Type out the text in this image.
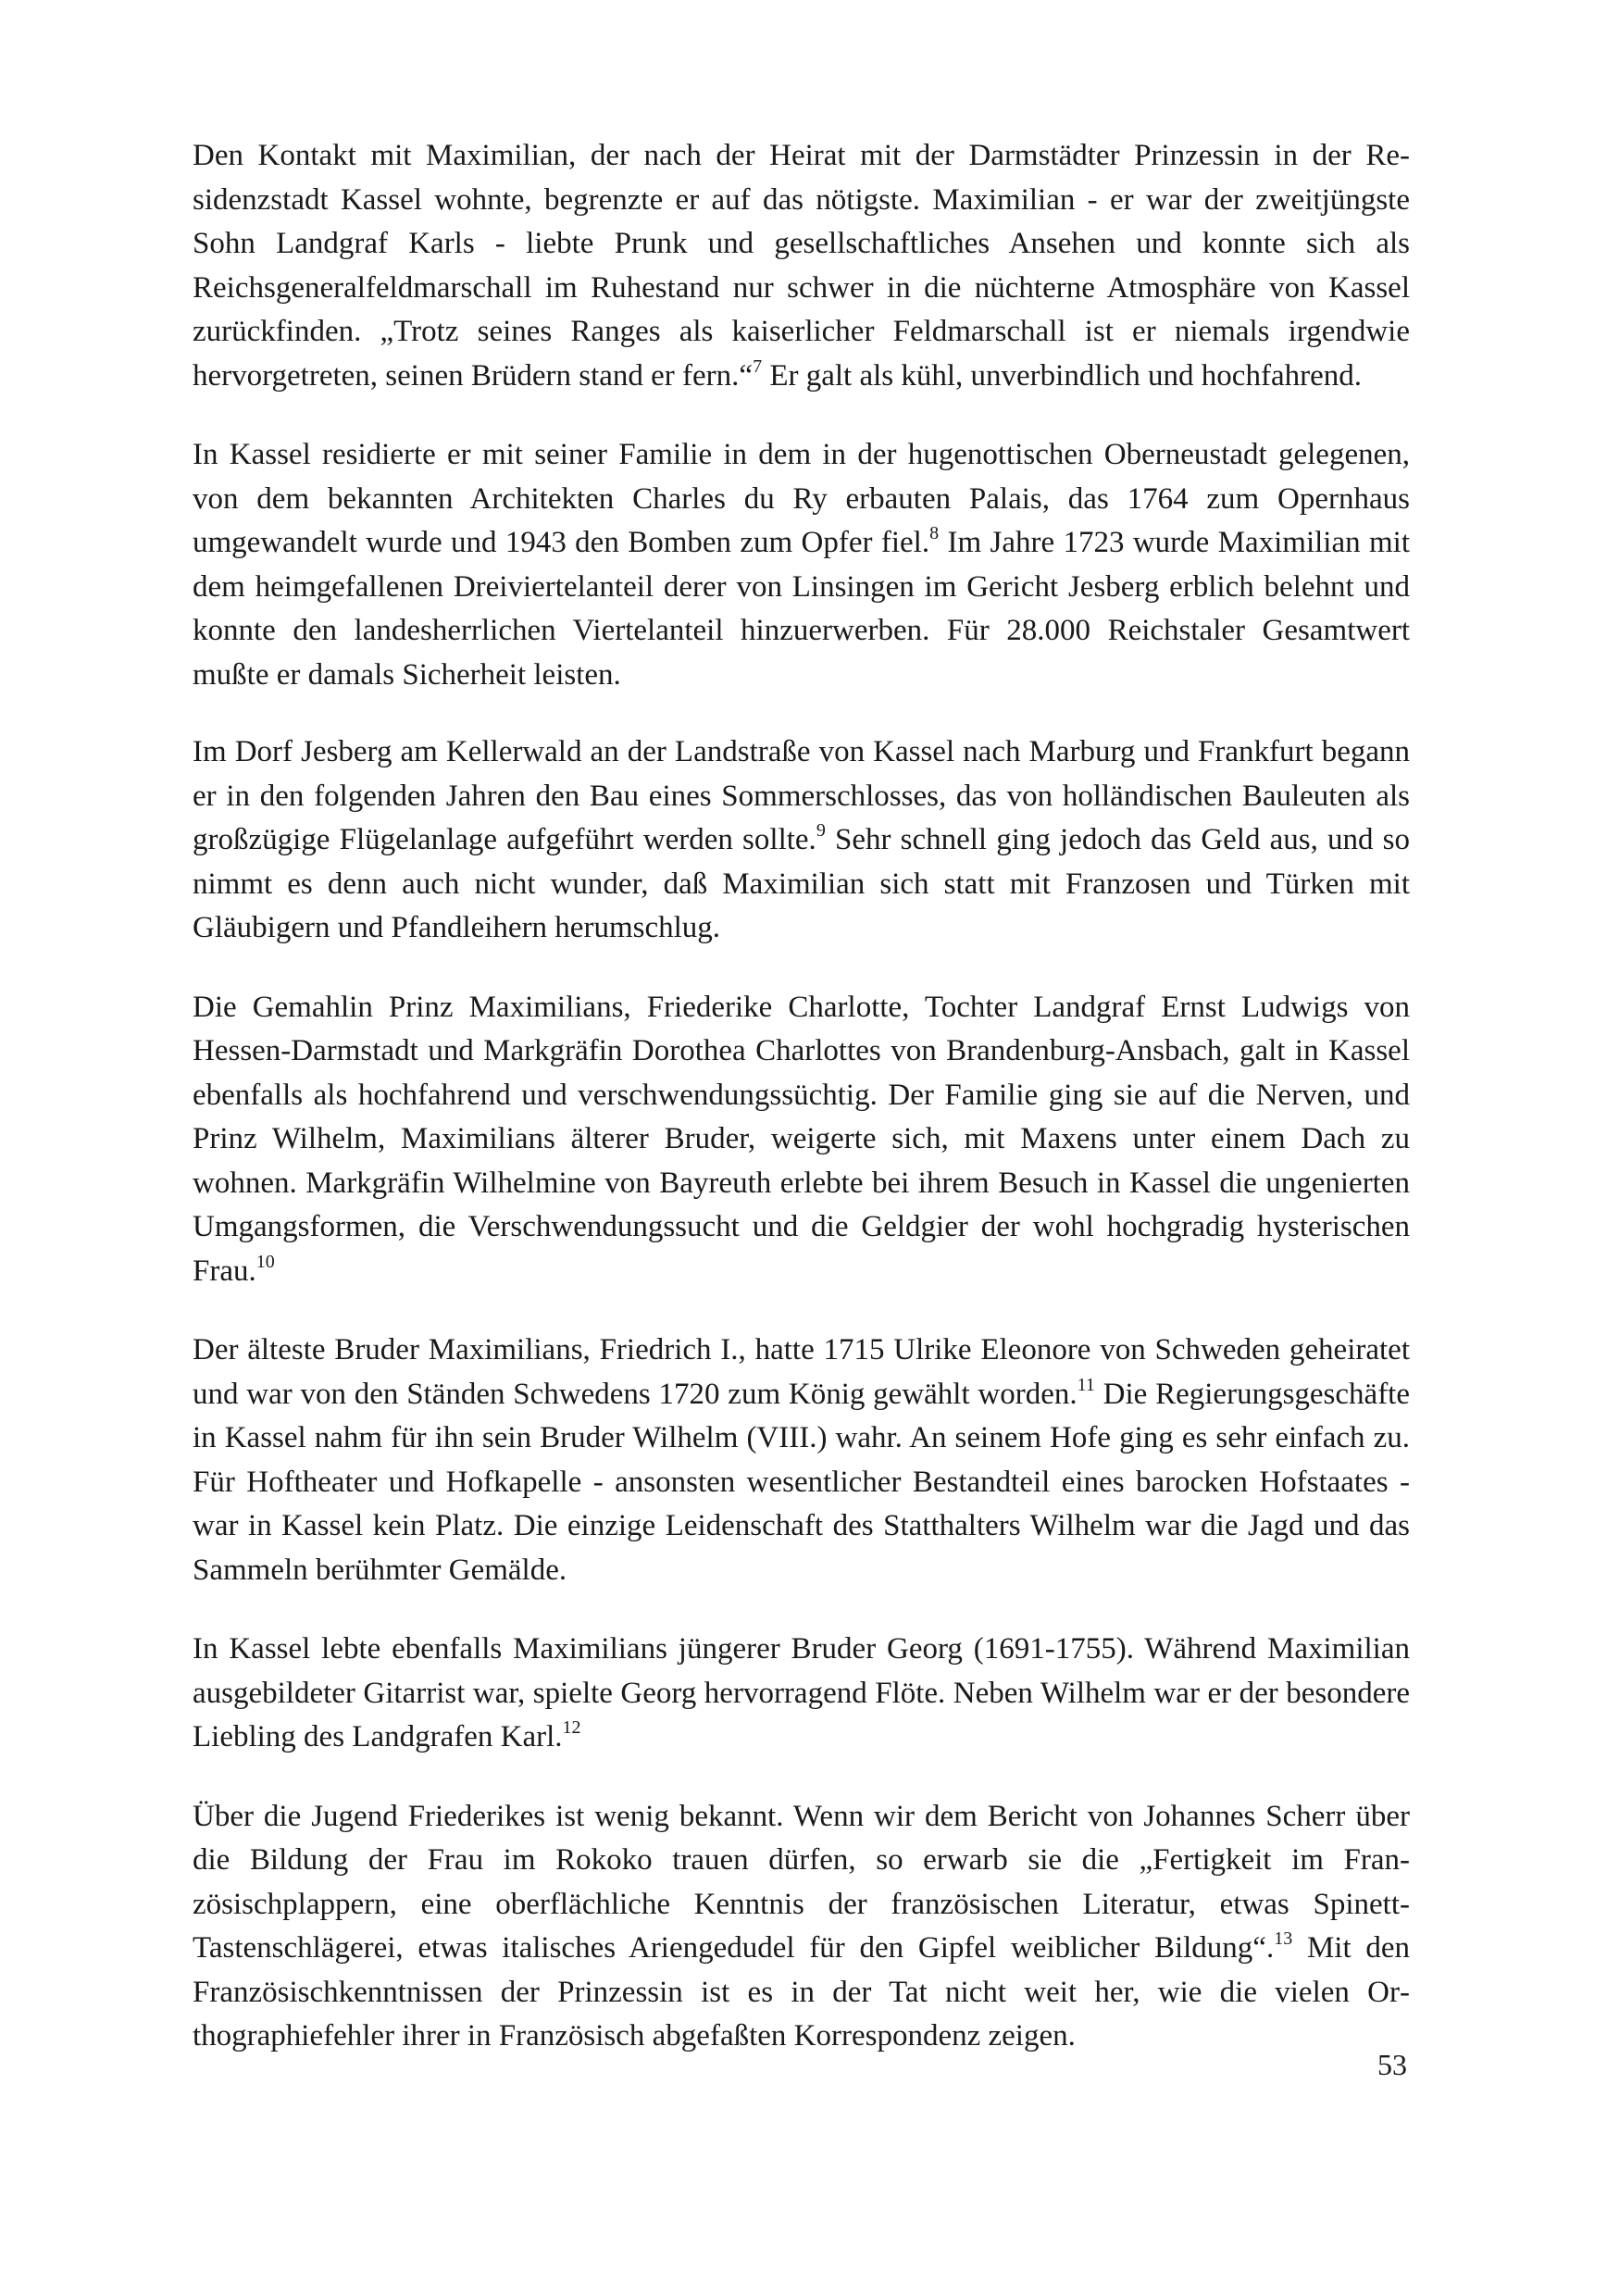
Den Kontakt mit Maximilian, der nach der Heirat mit der Darmstädter Prinzessin in der Residenzstadt Kassel wohnte, begrenzte er auf das nötigste. Maximilian - er war der zweitjüngste Sohn Landgraf Karls - liebte Prunk und gesellschaftliches Ansehen und konnte sich als Reichsgeneralfeldmarschall im Ruhestand nur schwer in die nüchterne Atmosphäre von Kassel zurückfinden. „Trotz seines Ranges als kaiserlicher Feldmarschall ist er niemals irgendwie hervorgetreten, seinen Brüdern stand er fern.“$^7$ Er galt als kühl, unverbindlich und hochfahrend.

In Kassel residierte er mit seiner Familie in dem in der hugenottischen Oberneustadt gelegenen, von dem bekannten Architekten Charles du Ry erbauten Palais, das 1764 zum Opernhaus umgewandelt wurde und 1943 den Bomben zum Opfer fiel.$^8$ Im Jahre 1723 wurde Maximilian mit dem heimgefallenen Dreiviertelanteil derer von Linsingen im Gericht Jesberg erblich belehnt und konnte den landesherrlichen Viertelanteil hinzuerwerben. Für 28.000 Reichstaler Gesamtwert mußte er damals Sicherheit leisten.

Im Dorf Jesberg am Kellerwald an der Landstraße von Kassel nach Marburg und Frankfurt begann er in den folgenden Jahren den Bau eines Sommerschlosses, das von holländischen Bauleuten als großzügige Flügelanlage aufgeführt werden sollte.$^9$ Sehr schnell ging jedoch das Geld aus, und so nimmt es denn auch nicht wunder, daß Maximilian sich statt mit Franzosen und Türken mit Gläubigern und Pfandleihern herumschlug.

Die Gemahlin Prinz Maximilians, Friederike Charlotte, Tochter Landgraf Ernst Ludwigs von Hessen-Darmstadt und Markgräfin Dorothea Charlottes von Brandenburg-Ansbach, galt in Kassel ebenfalls als hochfahrend und verschwendungssüchtig. Der Familie ging sie auf die Nerven, und Prinz Wilhelm, Maximilians älterer Bruder, weigerte sich, mit Maxens unter einem Dach zu wohnen. Markgräfin Wilhelmine von Bayreuth erlebte bei ihrem Besuch in Kassel die ungenierten Umgangsformen, die Verschwendungssucht und die Geldgier der wohl hochgradig hysterischen Frau.$^{10}$

Der älteste Bruder Maximilians, Friedrich I., hatte 1715 Ulrike Eleonore von Schweden geheiratet und war von den Ständen Schwedens 1720 zum König gewählt worden.$^{11}$ Die Regierungsgeschäfte in Kassel nahm für ihn sein Bruder Wilhelm (VIII.) wahr. An seinem Hofe ging es sehr einfach zu. Für Hoftheater und Hofkapelle - ansonsten wesentlicher Bestandteil eines barocken Hofstaates - war in Kassel kein Platz. Die einzige Leidenschaft des Statthalters Wilhelm war die Jagd und das Sammeln berühmter Gemälde.

In Kassel lebte ebenfalls Maximilians jüngerer Bruder Georg (1691-1755). Während Maximilian ausgebildeter Gitarrist war, spielte Georg hervorragend Flöte. Neben Wilhelm war er der besondere Liebling des Landgrafen Karl.$^{12}$

Über die Jugend Friederikes ist wenig bekannt. Wenn wir dem Bericht von Johannes Scherr über die Bildung der Frau im Rokoko trauen dürfen, so erwarb sie die „Fertigkeit im Französischplappern, eine oberflächliche Kenntnis der französischen Literatur, etwas SpinettTastenschlägerei, etwas italisches Ariengedudel für den Gipfel weiblicher Bildung“.$^{13}$ Mit den Französischkenntnissen der Prinzessin ist es in der Tat nicht weit her, wie die vielen Orthographiefehler ihrer in Französisch abgefaßten Korrespondenz zeigen.

53
